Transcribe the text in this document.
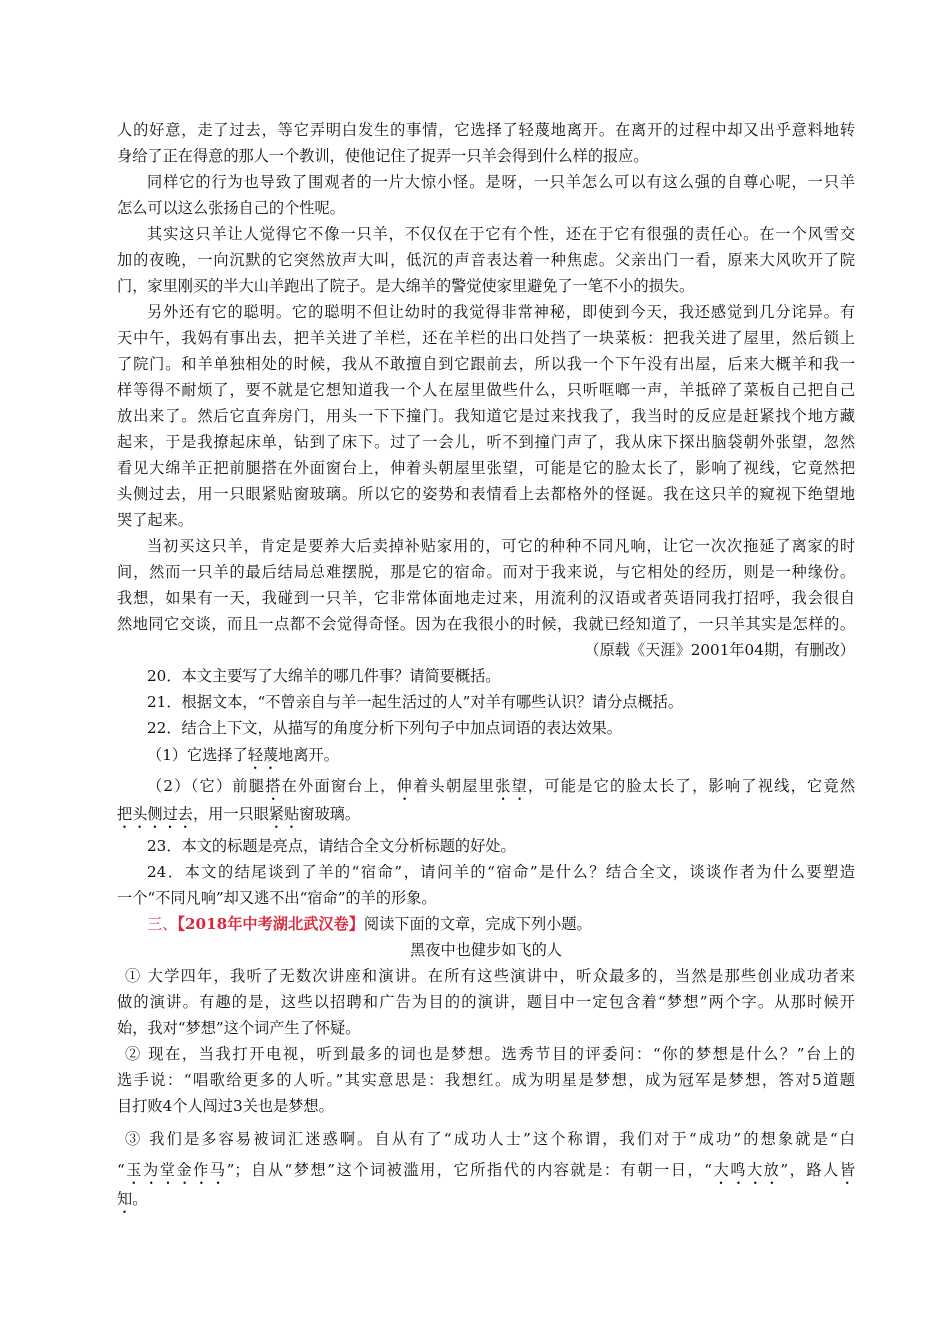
人的好意，走了过去，等它弄明白发生的事情，它选择了轻蔑地离开。在离开的过程中却又出乎意料地转
身给了正在得意的那人一个教训，使他记住了捉弄一只羊会得到什么样的报应。
同样它的行为也导致了围观者的一片大惊小怪。是呀，一只羊怎么可以有这么强的自尊心呢，一只羊
怎么可以这么张扬自己的个性呢。
其实这只羊让人觉得它不像一只羊，不仅仅在于它有个性，还在于它有很强的责任心。在一个风雪交
加的夜晚，一向沉默的它突然放声大叫，低沉的声音表达着一种焦虑。父亲出门一看，原来大风吹开了院
门，家里刚买的半大山羊跑出了院子。是大绵羊的警觉使家里避免了一笔不小的损失。
另外还有它的聪明。它的聪明不但让幼时的我觉得非常神秘，即使到今天，我还感觉到几分诧异。有
天中午，我妈有事出去，把羊关进了羊栏，还在羊栏的出口处挡了一块菜板：把我关进了屋里，然后锁上
了院门。和羊单独相处的时候，我从不敢擅自到它跟前去，所以我一个下午没有出屋，后来大概羊和我一
样等得不耐烦了，要不就是它想知道我一个人在屋里做些什么，只听哐啷一声，羊抵碎了菜板自己把自己
放出来了。然后它直奔房门，用头一下下撞门。我知道它是过来找我了，我当时的反应是赶紧找个地方藏
起来，于是我撩起床单，钻到了床下。过了一会儿，听不到撞门声了，我从床下探出脑袋朝外张望，忽然
看见大绵羊正把前腿搭在外面窗台上，伸着头朝屋里张望，可能是它的脸太长了，影响了视线，它竟然把
头侧过去，用一只眼紧贴窗玻璃。所以它的姿势和表情看上去都格外的怪诞。我在这只羊的窥视下绝望地
哭了起来。
当初买这只羊，肯定是要养大后卖掉补贴家用的，可它的种种不同凡响，让它一次次拖延了离家的时
间，然而一只羊的最后结局总难摆脱，那是它的宿命。而对于我来说，与它相处的经历，则是一种缘份。
我想，如果有一天，我碰到一只羊，它非常体面地走过来，用流利的汉语或者英语同我打招呼，我会很自
然地同它交谈，而且一点都不会觉得奇怪。因为在我很小的时候，我就已经知道了，一只羊其实是怎样的。
（原载《天涯》2001年04期，有删改）
20．本文主要写了大绵羊的哪几件事？请简要概括。
21．根据文本，“不曾亲自与羊一起生活过的人”对羊有哪些认识？请分点概括。
22．结合上下文，从描写的角度分析下列句子中加点词语的表达效果。
（1）它选择了轻蔑地离开。
（2）（它）前腿搭在外面窗台上，伸着头朝屋里张望，可能是它的脸太长了，影响了视线，它竟然
把头侧过去，用一只眼紧贴窗玻璃。
23．本文的标题是亮点，请结合全文分析标题的好处。
24．本文的结尾谈到了羊的“宿命”，请问羊的“宿命”是什么？结合全文，谈谈作者为什么要塑造
一个“不同凡响”却又逃不出“宿命”的羊的形象。
三、【2018年中考湖北武汉卷】阅读下面的文章，完成下列小题。
黑夜中也健步如飞的人
① 大学四年，我听了无数次讲座和演讲。在所有这些演讲中，听众最多的，当然是那些创业成功者来
做的演讲。有趣的是，这些以招聘和广告为目的的演讲，题目中一定包含着“梦想”两个字。从那时候开
始，我对“梦想”这个词产生了怀疑。
② 现在，当我打开电视，听到最多的词也是梦想。选秀节目的评委问：“你的梦想是什么？”台上的
选手说：“唱歌给更多的人听。”其实意思是：我想红。成为明星是梦想，成为冠军是梦想，答对5道题
目打败4个人闯过3关也是梦想。
③ 我们是多容易被词汇迷惑啊。自从有了“成功人士”这个称谓，我们对于“成功”的想象就是“白
“玉为堂金作马”；自从“梦想”这个词被滥用，它所指代的内容就是：有朝一日，“大鸣大放”，路人皆
知。
